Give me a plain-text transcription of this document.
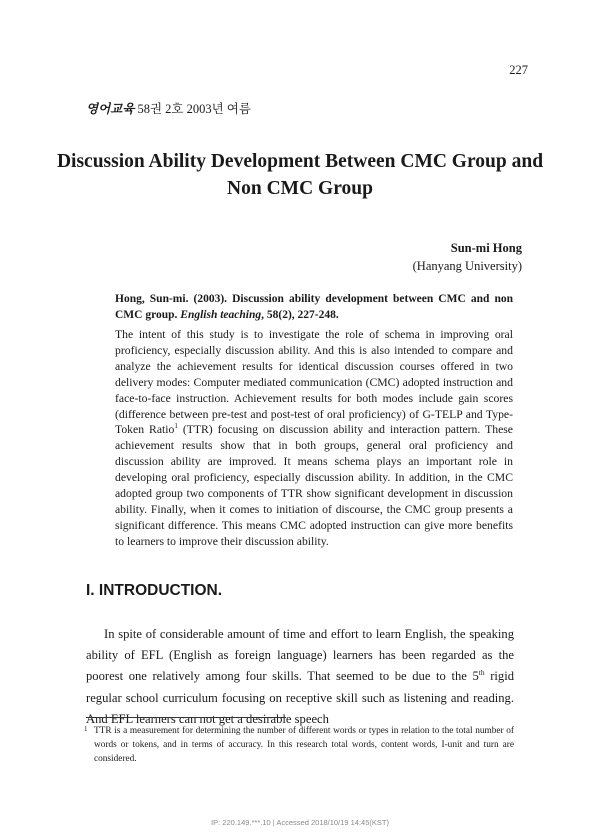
227
영어교육 58권 2호 2003년 여름
Discussion Ability Development Between CMC Group and Non CMC Group
Sun-mi Hong
(Hanyang University)
Hong, Sun-mi. (2003). Discussion ability development between CMC and non CMC group. English teaching, 58(2), 227-248.
The intent of this study is to investigate the role of schema in improving oral proficiency, especially discussion ability. And this is also intended to compare and analyze the achievement results for identical discussion courses offered in two delivery modes: Computer mediated communication (CMC) adopted instruction and face-to-face instruction. Achievement results for both modes include gain scores (difference between pre-test and post-test of oral proficiency) of G-TELP and Type-Token Ratio$^1$ (TTR) focusing on discussion ability and interaction pattern. These achievement results show that in both groups, general oral proficiency and discussion ability are improved. It means schema plays an important role in developing oral proficiency, especially discussion ability. In addition, in the CMC adopted group two components of TTR show significant development in discussion ability. Finally, when it comes to initiation of discourse, the CMC group presents a significant difference. This means CMC adopted instruction can give more benefits to learners to improve their discussion ability.
I. INTRODUCTION.
In spite of considerable amount of time and effort to learn English, the speaking ability of EFL (English as foreign language) learners has been regarded as the poorest one relatively among four skills. That seemed to be due to the 5th rigid regular school curriculum focusing on receptive skill such as listening and reading. And EFL learners can not get a desirable speech
1 TTR is a measurement for determining the number of different words or types in relation to the total number of words or tokens, and in terms of accuracy. In this research total words, content words, I-unit and turn are considered.
IP: 220.149.***.10 | Accessed 2018/10/19 14:45(KST)
